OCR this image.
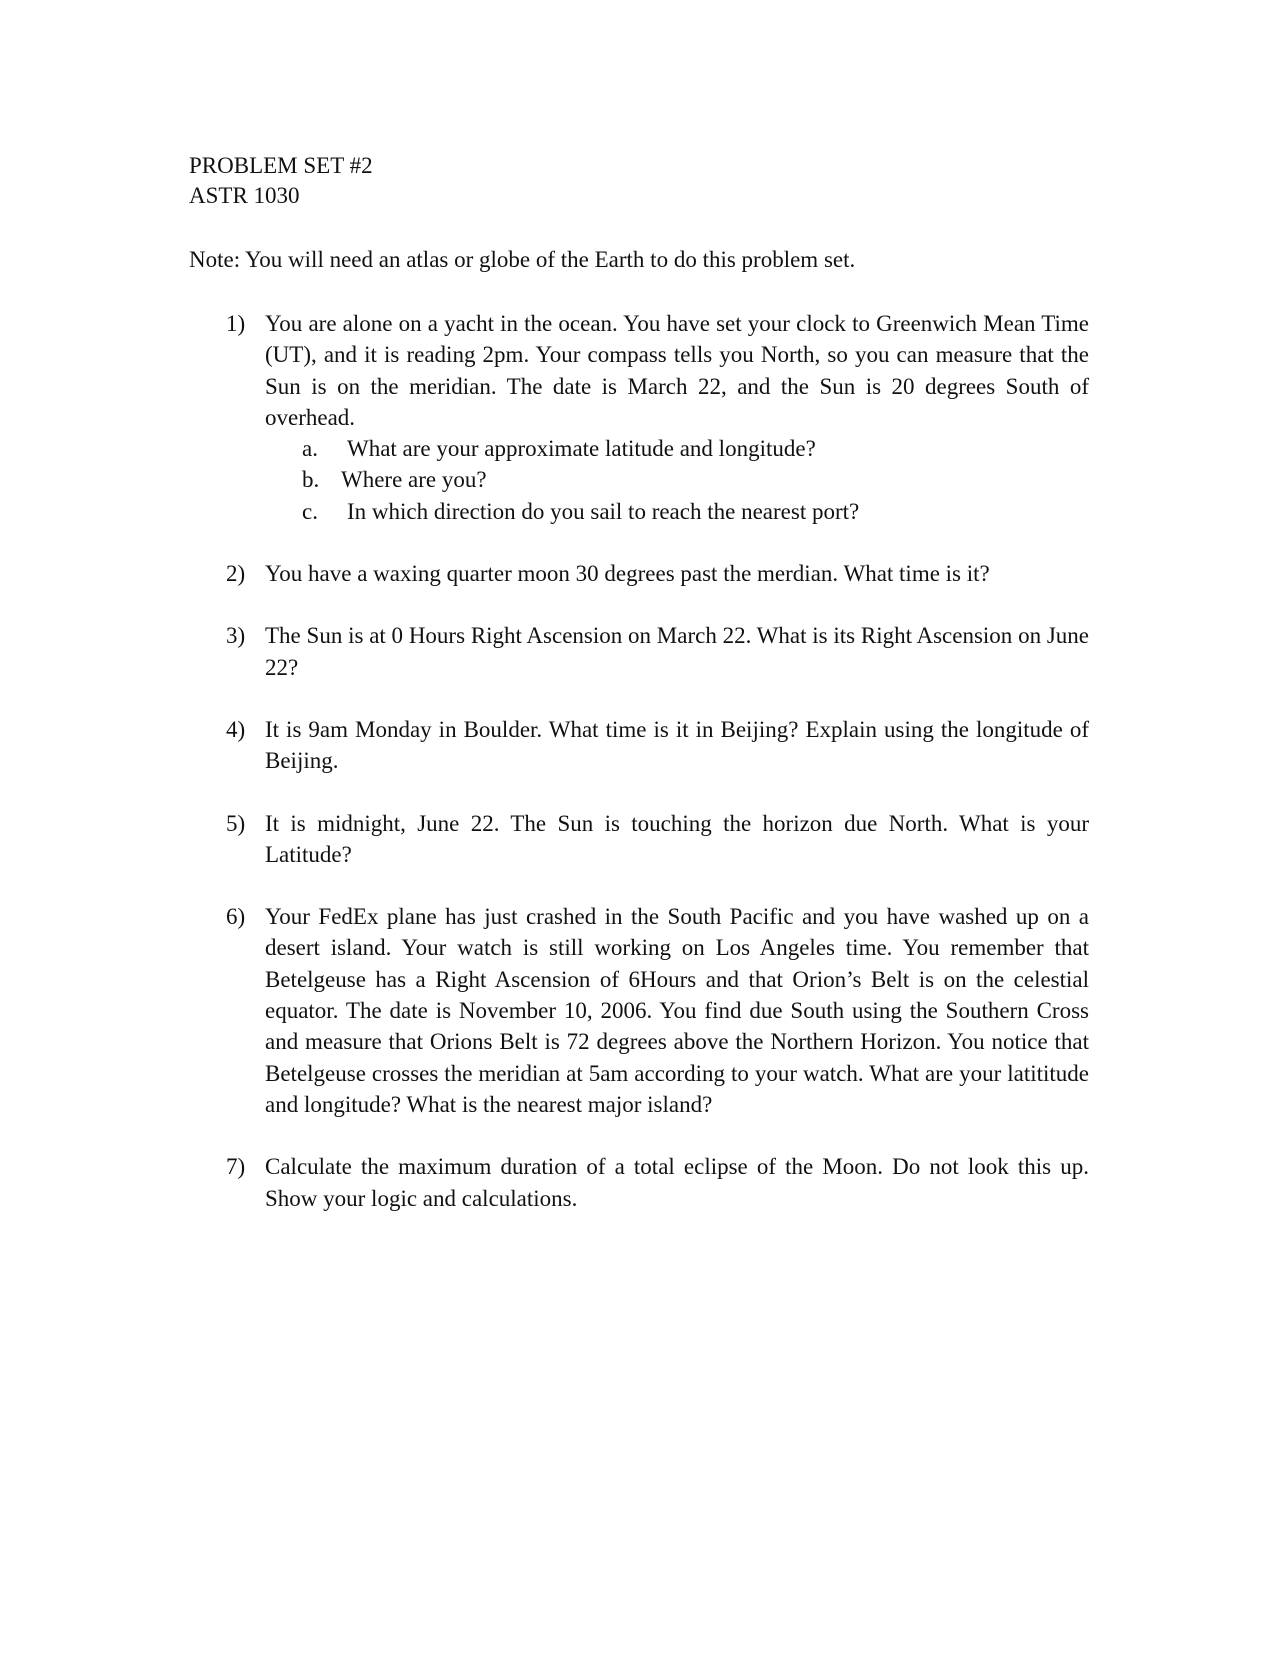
PROBLEM SET #2
ASTR 1030
Note: You will need an atlas or globe of the Earth to do this problem set.
1) You are alone on a yacht in the ocean. You have set your clock to Greenwich Mean Time (UT), and it is reading 2pm. Your compass tells you North, so you can measure that the Sun is on the meridian. The date is March 22, and the Sun is 20 degrees South of overhead.
a. What are your approximate latitude and longitude?
b. Where are you?
c. In which direction do you sail to reach the nearest port?
2) You have a waxing quarter moon 30 degrees past the merdian. What time is it?
3) The Sun is at 0 Hours Right Ascension on March 22. What is its Right Ascension on June 22?
4) It is 9am Monday in Boulder. What time is it in Beijing? Explain using the longitude of Beijing.
5) It is midnight, June 22. The Sun is touching the horizon due North. What is your Latitude?
6) Your FedEx plane has just crashed in the South Pacific and you have washed up on a desert island. Your watch is still working on Los Angeles time. You remember that Betelgeuse has a Right Ascension of 6Hours and that Orion’s Belt is on the celestial equator. The date is November 10, 2006. You find due South using the Southern Cross and measure that Orions Belt is 72 degrees above the Northern Horizon. You notice that Betelgeuse crosses the meridian at 5am according to your watch. What are your latititude and longitude? What is the nearest major island?
7) Calculate the maximum duration of a total eclipse of the Moon. Do not look this up. Show your logic and calculations.
